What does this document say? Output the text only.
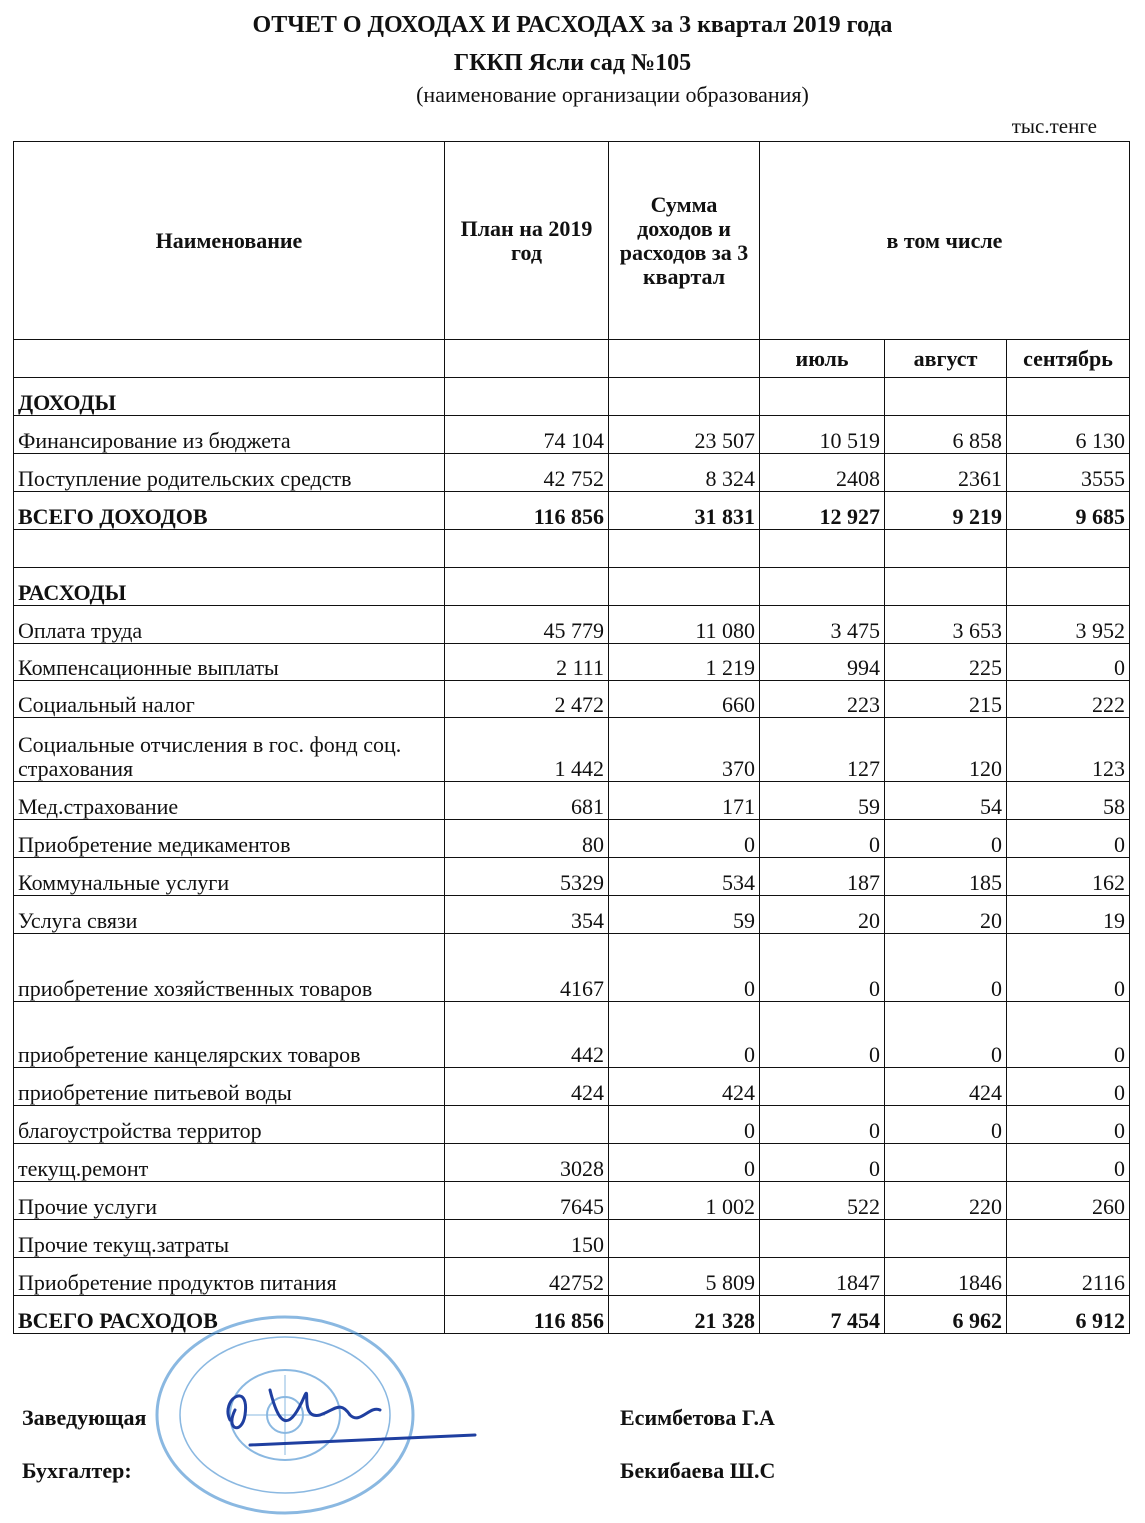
ОТЧЕТ О ДОХОДАХ И РАСХОДАХ за 3 квартал 2019 года
ГККП Ясли сад №105
(наименование организации образования)
тыс.тенге
Наименование	План на 2019 год	Сумма доходов и расходов за 3 квартал	в том числе		
			июль	август	сентябрь
ДОХОДЫ					
Финансирование из бюджета	74 104	23 507	10 519	6 858	6 130
Поступление родительских средств	42 752	8 324	2408	2361	3555
ВСЕГО ДОХОДОВ	116 856	31 831	12 927	9 219	9 685

РАСХОДЫ					
Оплата труда	45 779	11 080	3 475	3 653	3 952
Компенсационные выплаты	2 111	1 219	994	225	0
Социальный налог	2 472	660	223	215	222
Социальные отчисления в гос. фонд соц. страхования	1 442	370	127	120	123
Мед.страхование	681	171	59	54	58
Приобретение медикаментов	80	0	0	0	0
Коммунальные услуги	5329	534	187	185	162
Услуга связи	354	59	20	20	19
приобретение хозяйственных товаров	4167	0	0	0	0
приобретение канцелярских товаров	442	0	0	0	0
приобретение питьевой воды	424	424		424	0
благоустройства территор		0	0	0	0
текущ.ремонт	3028	0	0		0
Прочие услуги	7645	1 002	522	220	260
Прочие текущ.затраты	150				
Приобретение продуктов питания	42752	5 809	1847	1846	2116
ВСЕГО РАСХОДОВ	116 856	21 328	7 454	6 962	6 912
Заведующая	Есимбетова Г.А
Бухгалтер:	Бекибаева Ш.С
